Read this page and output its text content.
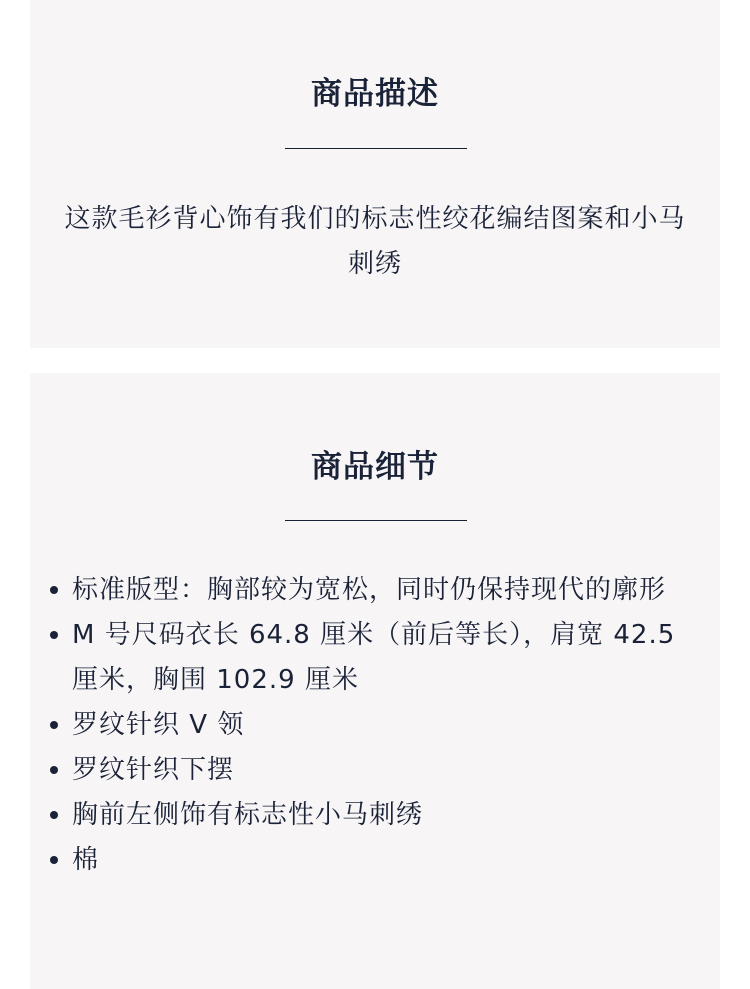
商品描述

这款毛衫背心饰有我们的标志性绞花编结图案和小马刺绣

商品细节
标准版型：胸部较为宽松，同时仍保持现代的廓形
M 号尺码衣长 64.8 厘米（前后等长），肩宽 42.5 厘米，胸围 102.9 厘米
罗纹针织 V 领
罗纹针织下摆
胸前左侧饰有标志性小马刺绣
棉
